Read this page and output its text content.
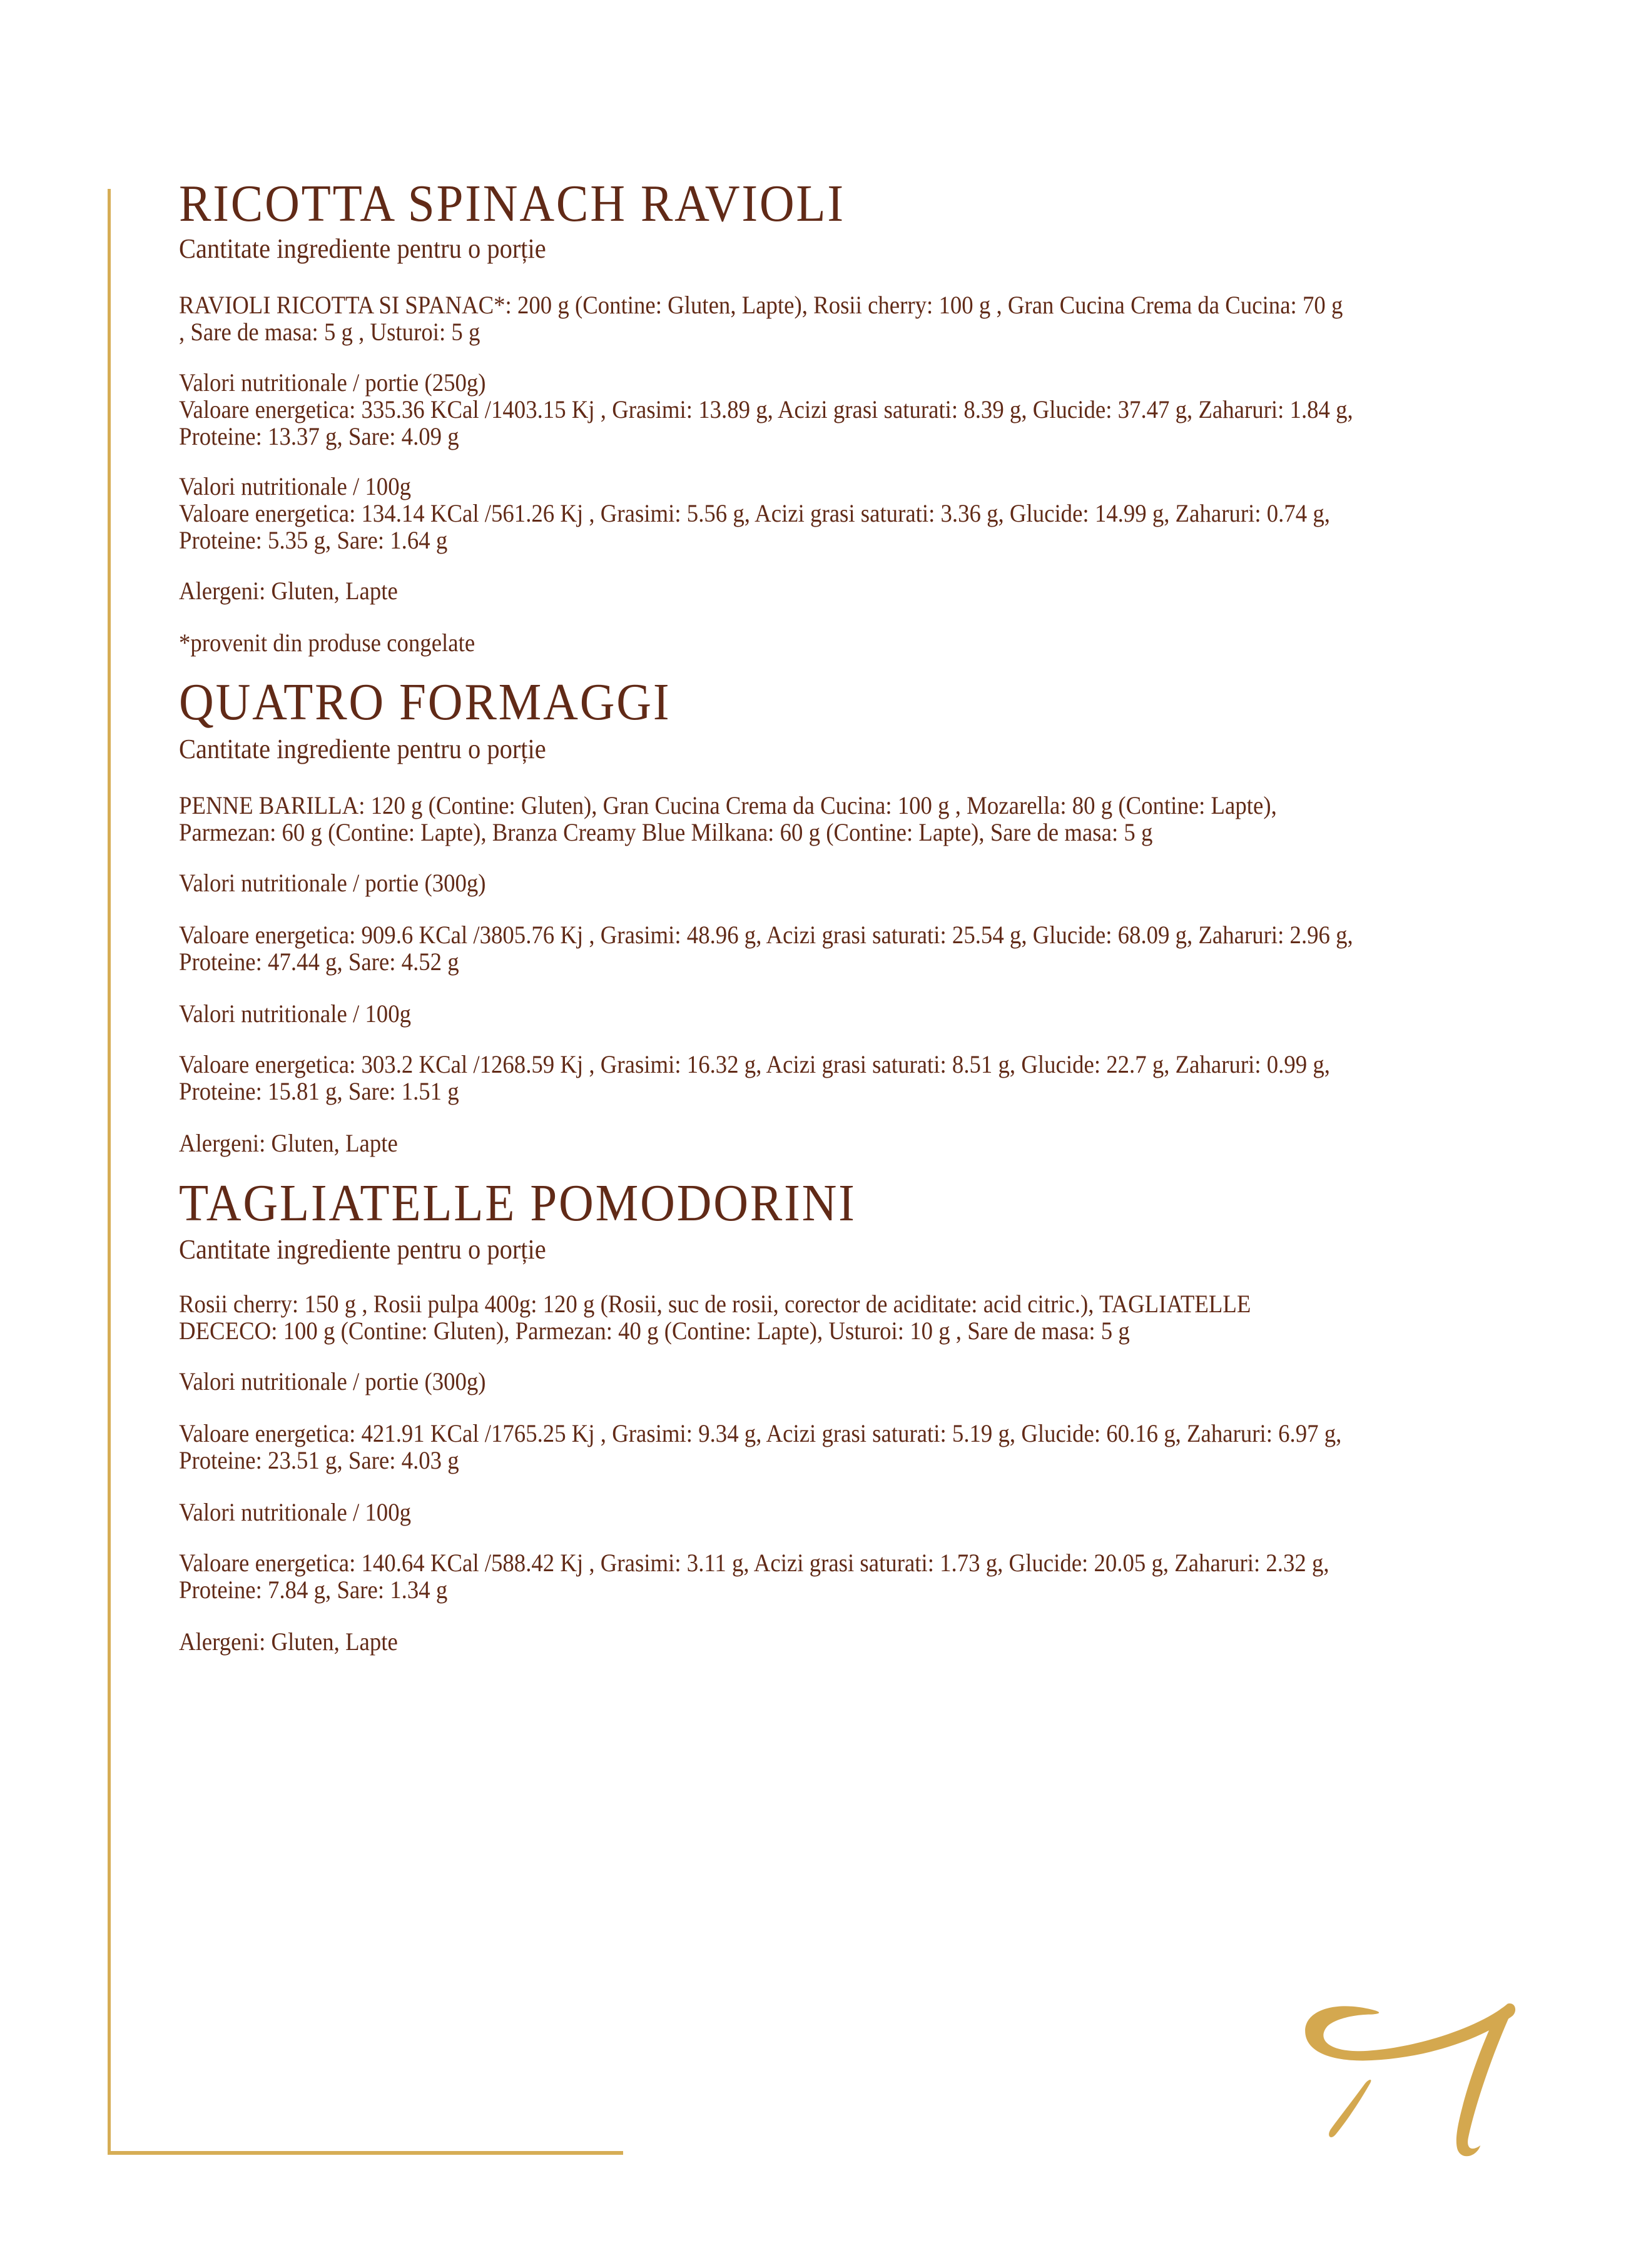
RICOTTA SPINACH RAVIOLI
Cantitate ingrediente pentru o porție
RAVIOLI RICOTTA SI SPANAC*: 200 g (Contine: Gluten, Lapte), Rosii cherry: 100 g , Gran Cucina Crema da Cucina: 70 g
, Sare de masa: 5 g , Usturoi: 5 g
Valori nutritionale / portie (250g)
Valoare energetica: 335.36 KCal /1403.15 Kj , Grasimi: 13.89 g, Acizi grasi saturati: 8.39 g, Glucide: 37.47 g, Zaharuri: 1.84 g,
Proteine: 13.37 g, Sare: 4.09 g
Valori nutritionale / 100g
Valoare energetica: 134.14 KCal /561.26 Kj , Grasimi: 5.56 g, Acizi grasi saturati: 3.36 g, Glucide: 14.99 g, Zaharuri: 0.74 g,
Proteine: 5.35 g, Sare: 1.64 g
Alergeni: Gluten, Lapte
*provenit din produse congelate
QUATRO FORMAGGI
Cantitate ingrediente pentru o porție
PENNE BARILLA: 120 g (Contine: Gluten), Gran Cucina Crema da Cucina: 100 g , Mozarella: 80 g (Contine: Lapte),
Parmezan: 60 g (Contine: Lapte), Branza Creamy Blue Milkana: 60 g (Contine: Lapte), Sare de masa: 5 g
Valori nutritionale / portie (300g)
Valoare energetica: 909.6 KCal /3805.76 Kj , Grasimi: 48.96 g, Acizi grasi saturati: 25.54 g, Glucide: 68.09 g, Zaharuri: 2.96 g,
Proteine: 47.44 g, Sare: 4.52 g
Valori nutritionale / 100g
Valoare energetica: 303.2 KCal /1268.59 Kj , Grasimi: 16.32 g, Acizi grasi saturati: 8.51 g, Glucide: 22.7 g, Zaharuri: 0.99 g,
Proteine: 15.81 g, Sare: 1.51 g
Alergeni: Gluten, Lapte
TAGLIATELLE POMODORINI
Cantitate ingrediente pentru o porție
Rosii cherry: 150 g , Rosii pulpa 400g: 120 g (Rosii, suc de rosii, corector de aciditate: acid citric.), TAGLIATELLE
DECECO: 100 g (Contine: Gluten), Parmezan: 40 g (Contine: Lapte), Usturoi: 10 g , Sare de masa: 5 g
Valori nutritionale / portie (300g)
Valoare energetica: 421.91 KCal /1765.25 Kj , Grasimi: 9.34 g, Acizi grasi saturati: 5.19 g, Glucide: 60.16 g, Zaharuri: 6.97 g,
Proteine: 23.51 g, Sare: 4.03 g
Valori nutritionale / 100g
Valoare energetica: 140.64 KCal /588.42 Kj , Grasimi: 3.11 g, Acizi grasi saturati: 1.73 g, Glucide: 20.05 g, Zaharuri: 2.32 g,
Proteine: 7.84 g, Sare: 1.34 g
Alergeni: Gluten, Lapte
